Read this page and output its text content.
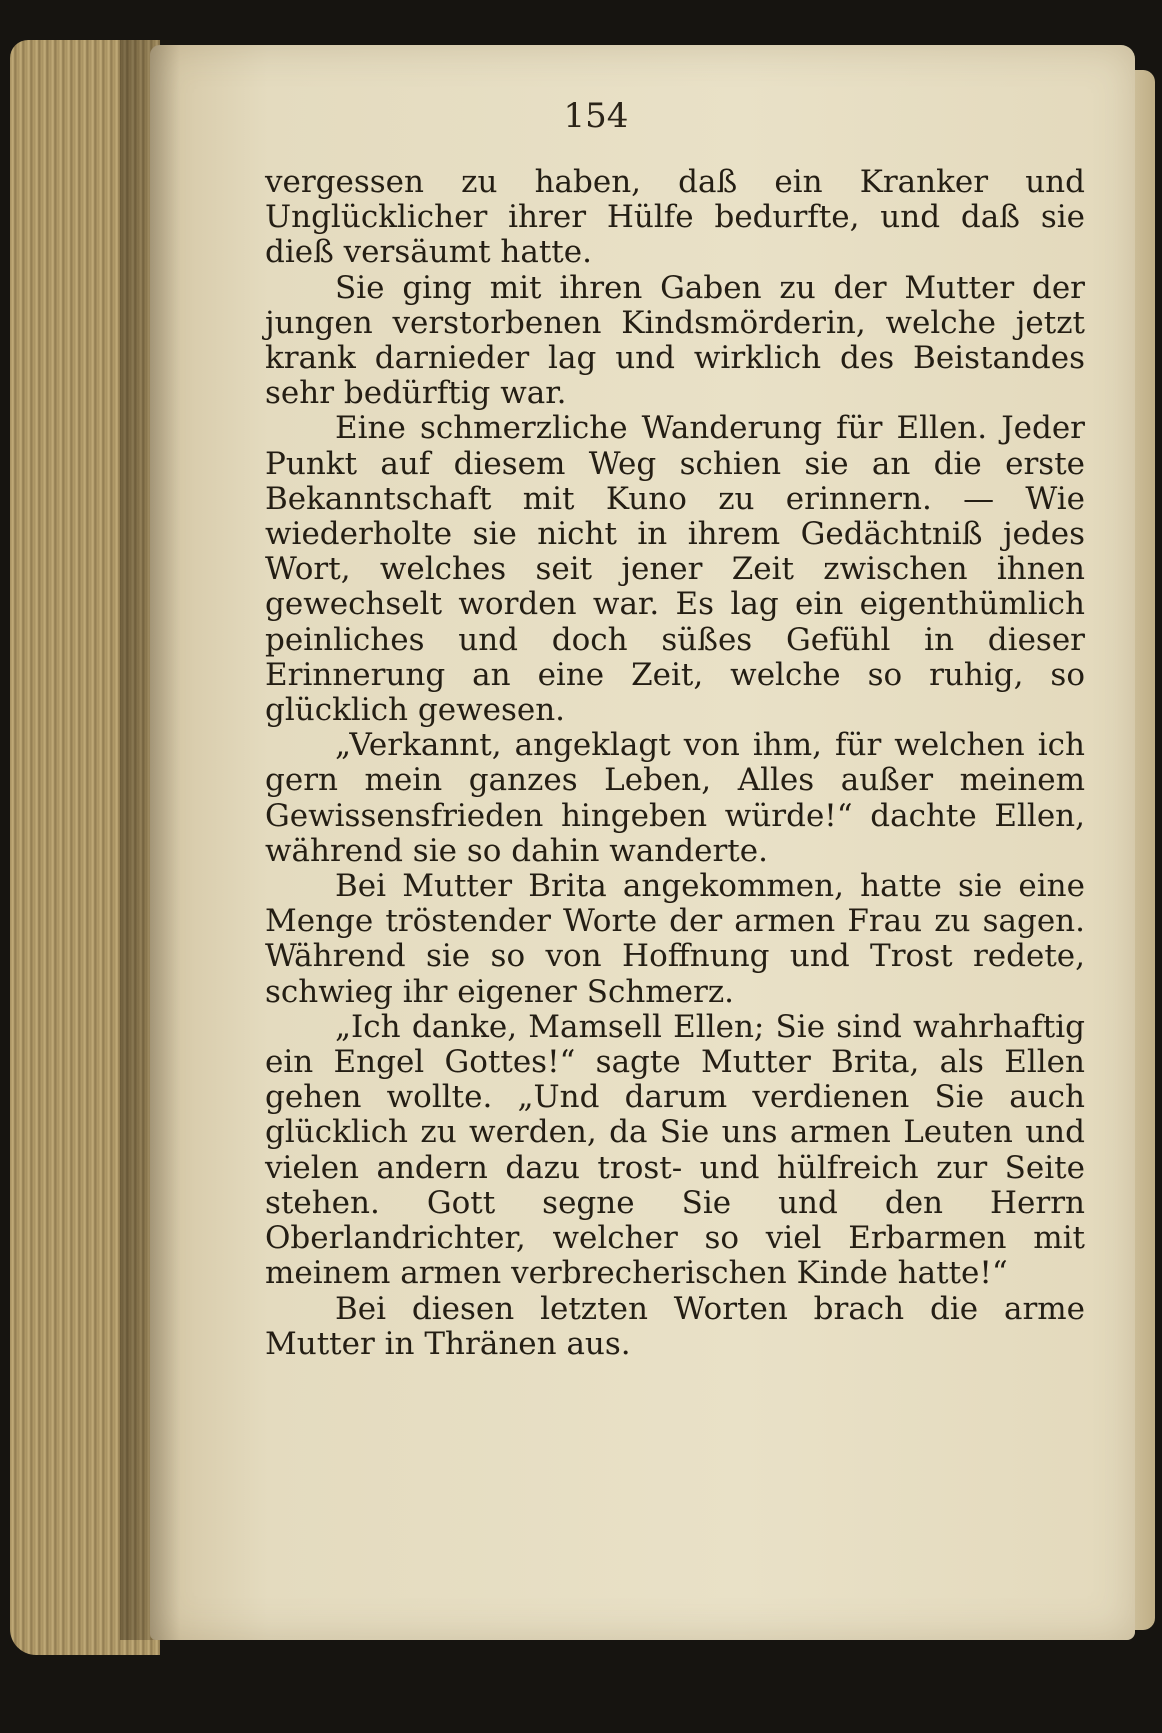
154

vergessen zu haben, daß ein Kranker und Unglücklicher ihrer Hülfe bedurfte, und daß sie dieß versäumt hatte.

Sie ging mit ihren Gaben zu der Mutter der jungen verstorbenen Kindsmörderin, welche jetzt krank darnieder lag und wirklich des Beistandes sehr bedürftig war.

Eine schmerzliche Wanderung für Ellen. Jeder Punkt auf diesem Weg schien sie an die erste Bekanntschaft mit Kuno zu erinnern. — Wie wiederholte sie nicht in ihrem Gedächtniß jedes Wort, welches seit jener Zeit zwischen ihnen gewechselt worden war. Es lag ein eigenthümlich peinliches und doch süßes Gefühl in dieser Erinnerung an eine Zeit, welche so ruhig, so glücklich gewesen.

„Verkannt, angeklagt von ihm, für welchen ich gern mein ganzes Leben, Alles außer meinem Gewissensfrieden hingeben würde!“ dachte Ellen, während sie so dahin wanderte.

Bei Mutter Brita angekommen, hatte sie eine Menge tröstender Worte der armen Frau zu sagen. Während sie so von Hoffnung und Trost redete, schwieg ihr eigener Schmerz.

„Ich danke, Mamsell Ellen; Sie sind wahrhaftig ein Engel Gottes!“ sagte Mutter Brita, als Ellen gehen wollte. „Und darum verdienen Sie auch glücklich zu werden, da Sie uns armen Leuten und vielen andern dazu trost- und hülfreich zur Seite stehen. Gott segne Sie und den Herrn Oberlandrichter, welcher so viel Erbarmen mit meinem armen verbrecherischen Kinde hatte!“

Bei diesen letzten Worten brach die arme Mutter in Thränen aus.
